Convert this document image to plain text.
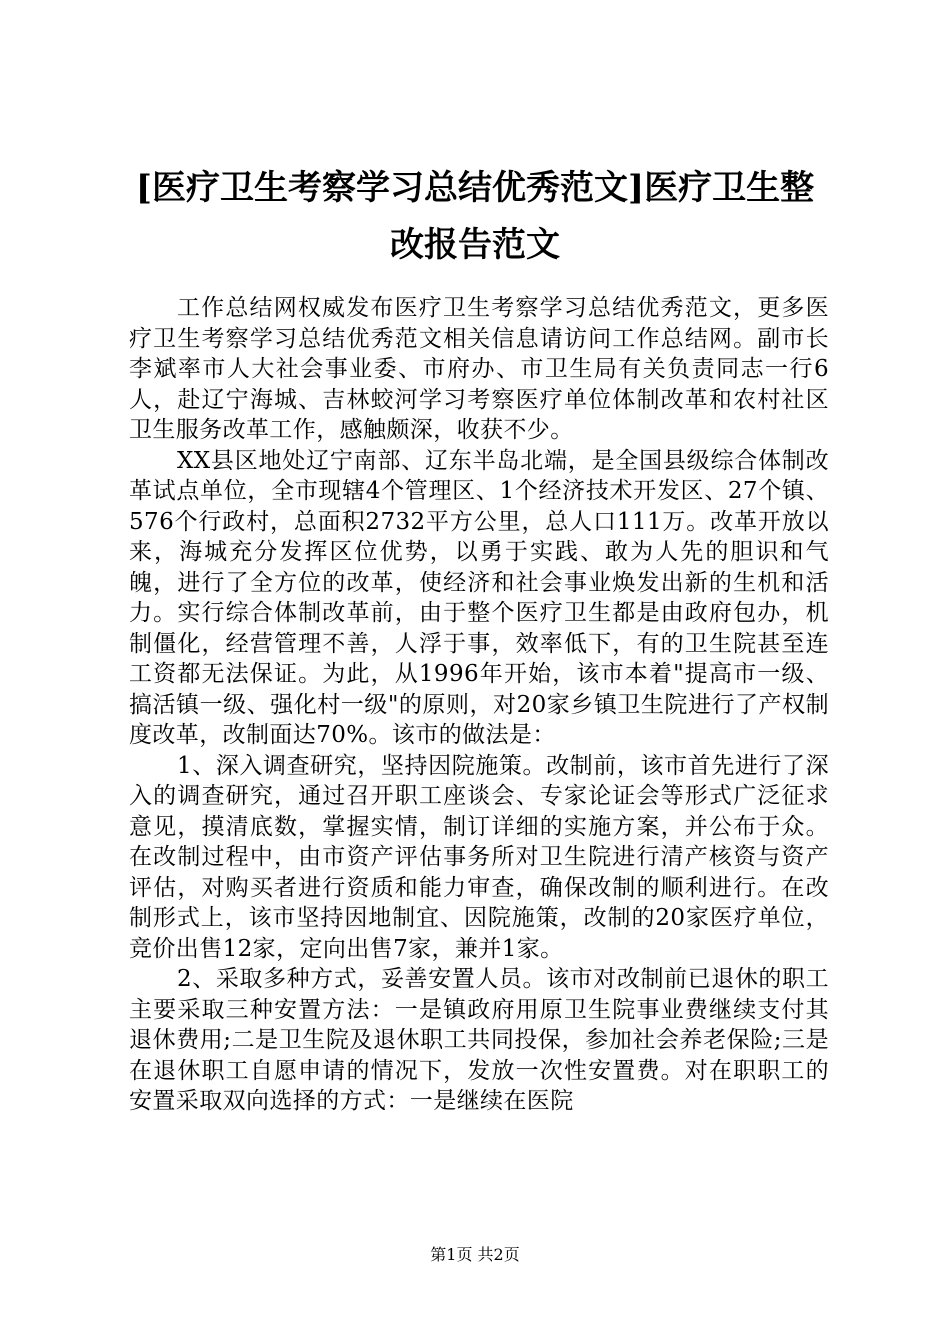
[医疗卫生考察学习总结优秀范文]医疗卫生整
改报告范文

工作总结网权威发布医疗卫生考察学习总结优秀范文，更多医疗卫生考察学习总结优秀范文相关信息请访问工作总结网。副市长李斌率市人大社会事业委、市府办、市卫生局有关负责同志一行6人，赴辽宁海城、吉林蛟河学习考察医疗单位体制改革和农村社区卫生服务改革工作，感触颇深，收获不少。

XX县区地处辽宁南部、辽东半岛北端，是全国县级综合体制改革试点单位，全市现辖4个管理区、1个经济技术开发区、27个镇、576个行政村，总面积2732平方公里，总人口111万。改革开放以来，海城充分发挥区位优势，以勇于实践、敢为人先的胆识和气魄，进行了全方位的改革，使经济和社会事业焕发出新的生机和活力。实行综合体制改革前，由于整个医疗卫生都是由政府包办，机制僵化，经营管理不善，人浮于事，效率低下，有的卫生院甚至连工资都无法保证。为此，从1996年开始，该市本着"提高市一级、搞活镇一级、强化村一级"的原则，对20家乡镇卫生院进行了产权制度改革，改制面达70%。该市的做法是：

1、深入调查研究，坚持因院施策。改制前，该市首先进行了深入的调查研究，通过召开职工座谈会、专家论证会等形式广泛征求意见，摸清底数，掌握实情，制订详细的实施方案，并公布于众。在改制过程中，由市资产评估事务所对卫生院进行清产核资与资产评估，对购买者进行资质和能力审查，确保改制的顺利进行。在改制形式上，该市坚持因地制宜、因院施策，改制的20家医疗单位，竞价出售12家，定向出售7家，兼并1家。

2、采取多种方式，妥善安置人员。该市对改制前已退休的职工主要采取三种安置方法：一是镇政府用原卫生院事业费继续支付其退休费用;二是卫生院及退休职工共同投保，参加社会养老保险;三是在退休职工自愿申请的情况下，发放一次性安置费。对在职职工的安置采取双向选择的方式：一是继续在医院

第1页 共2页
